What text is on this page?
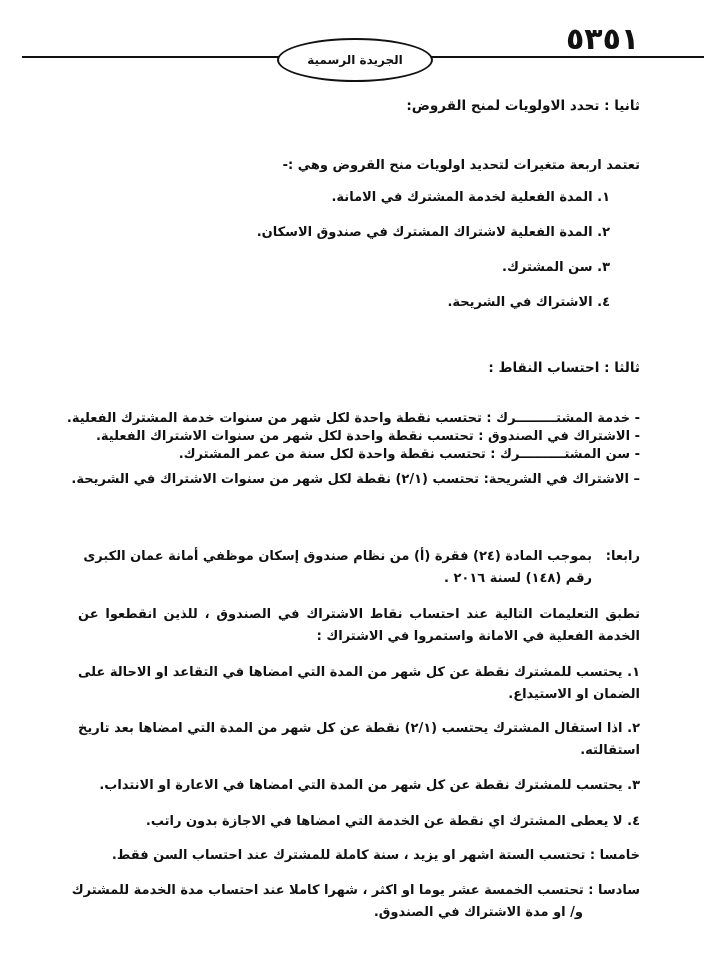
٥٣٥١
الجريدة الرسمية
ثانيا : تحدد الاولويات لمنح القروض:
تعتمد اربعة متغيرات لتحديد اولويات منح القروض وهي :-
١. المدة الفعلية لخدمة المشترك في الامانة.
٢. المدة الفعلية لاشتراك المشترك في صندوق الاسكان.
٣. سن المشترك.
٤. الاشتراك في الشريحة.
ثالثا : احتساب النقاط :
- خدمة المشتـــــــــرك : تحتسب نقطة واحدة لكل شهر من سنوات خدمة المشترك الفعلية.
- الاشتراك في الصندوق : تحتسب نقطة واحدة لكل شهر من سنوات الاشتراك الفعلية.
- سن المشتــــــــــرك : تحتسب نقطة واحدة لكل سنة من عمر المشترك.
– الاشتراك في الشريحة: تحتسب (٢/١) نقطة لكل شهر من سنوات الاشتراك في الشريحة.
رابعا:
بموجب المادة (٢٤) فقرة (أ) من نظام صندوق إسكان موظفي أمانة عمان الكبرى
رقم (١٤٨) لسنة ٢٠١٦ .
تطبق التعليمات التالية عند احتساب نقاط الاشتراك في الصندوق ، للذين انقطعوا عن الخدمة الفعلية في الامانة واستمروا في الاشتراك :
١. يحتسب للمشترك نقطة عن كل شهر من المدة التي امضاها في التقاعد او الاحالة على الضمان او الاستيداع.
٢. اذا استقال المشترك يحتسب (٢/١) نقطة عن كل شهر من المدة التي امضاها بعد تاريخ استقالته.
٣. يحتسب للمشترك نقطة عن كل شهر من المدة التي امضاها في الاعارة او الانتداب.
٤. لا يعطى المشترك اي نقطة عن الخدمة التي امضاها في الاجازة بدون راتب.
خامسا : تحتسب الستة اشهر او يزيد ، سنة كاملة للمشترك عند احتساب السن فقط.
سادسا : تحتسب الخمسة عشر يوما او اكثر ، شهرا كاملا عند احتساب مدة الخدمة للمشترك
و/ او مدة الاشتراك في الصندوق.
